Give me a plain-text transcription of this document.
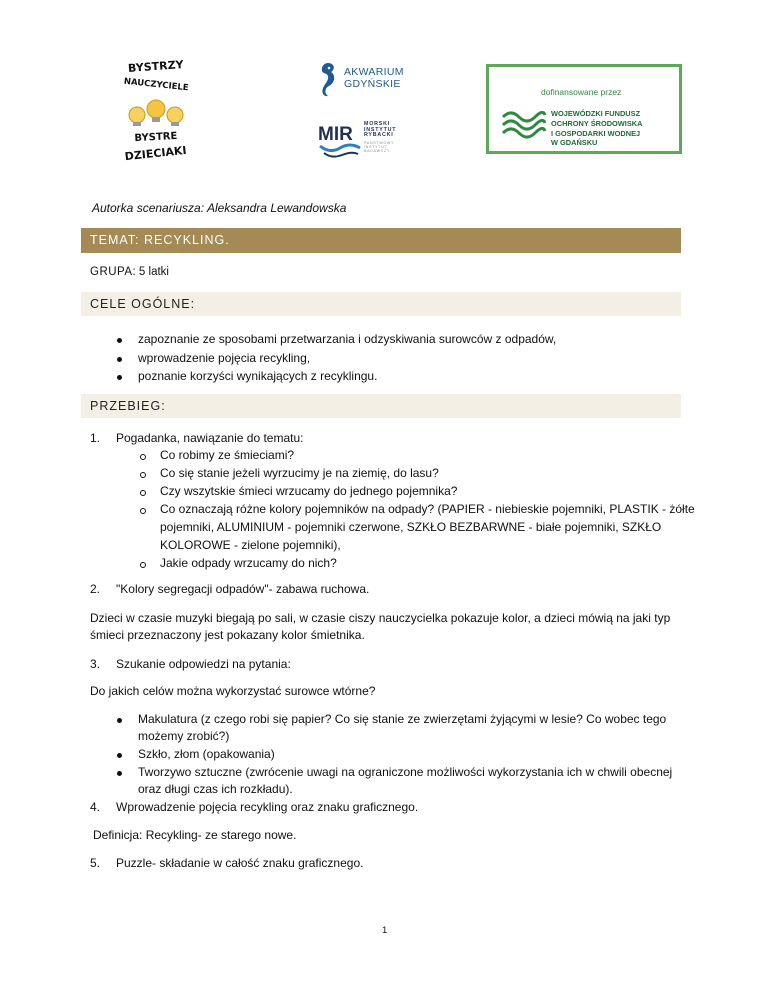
BYSTRZY
NAUCZYCIELE
BYSTRE
DZIECIAKI
AKWARIUM
GDYŃSKIE
MIR MORSKI
INSTYTUT
RYBACKI
PAŃSTWOWY
INSTYTUT
BADAWCZY
dofinansowane przez
WOJEWÓDZKI FUNDUSZ
OCHRONY ŚRODOWISKA
I GOSPODARKI WODNEJ
W GDAŃSKU
Autorka scenariusza: Aleksandra Lewandowska
TEMAT: RECYKLING.
GRUPA: 5 latki
CELE OGÓLNE:
zapoznanie ze sposobami przetwarzania i odzyskiwania surowców z odpadów,
wprowadzenie pojęcia recykling,
poznanie korzyści wynikających z recyklingu.
PRZEBIEG:
1. Pogadanka, nawiązanie do tematu:
Co robimy ze śmieciami?
Co się stanie jeżeli wyrzucimy je na ziemię, do lasu?
Czy wszytskie śmieci wrzucamy do jednego pojemnika?
Co oznaczają różne kolory pojemników na odpady? (PAPIER - niebieskie pojemniki, PLASTIK - żółte
pojemniki, ALUMINIUM - pojemniki czerwone, SZKŁO BEZBARWNE - białe pojemniki, SZKŁO
KOLOROWE - zielone pojemniki),
Jakie odpady wrzucamy do nich?
2. "Kolory segregacji odpadów"- zabawa ruchowa.
Dzieci w czasie muzyki biegają po sali, w czasie ciszy nauczycielka pokazuje kolor, a dzieci mówią na jaki typ
śmieci przeznaczony jest pokazany kolor śmietnika.
3. Szukanie odpowiedzi na pytania:
Do jakich celów można wykorzystać surowce wtórne?
Makulatura (z czego robi się papier? Co się stanie ze zwierzętami żyjącymi w lesie? Co wobec tego
możemy zrobić?)
Szkło, złom (opakowania)
Tworzywo sztuczne (zwrócenie uwagi na ograniczone możliwości wykorzystania ich w chwili obecnej
oraz długi czas ich rozkładu).
4. Wprowadzenie pojęcia recykling oraz znaku graficznego.
Definicja: Recykling- ze starego nowe.
5. Puzzle- składanie w całość znaku graficznego.
1
